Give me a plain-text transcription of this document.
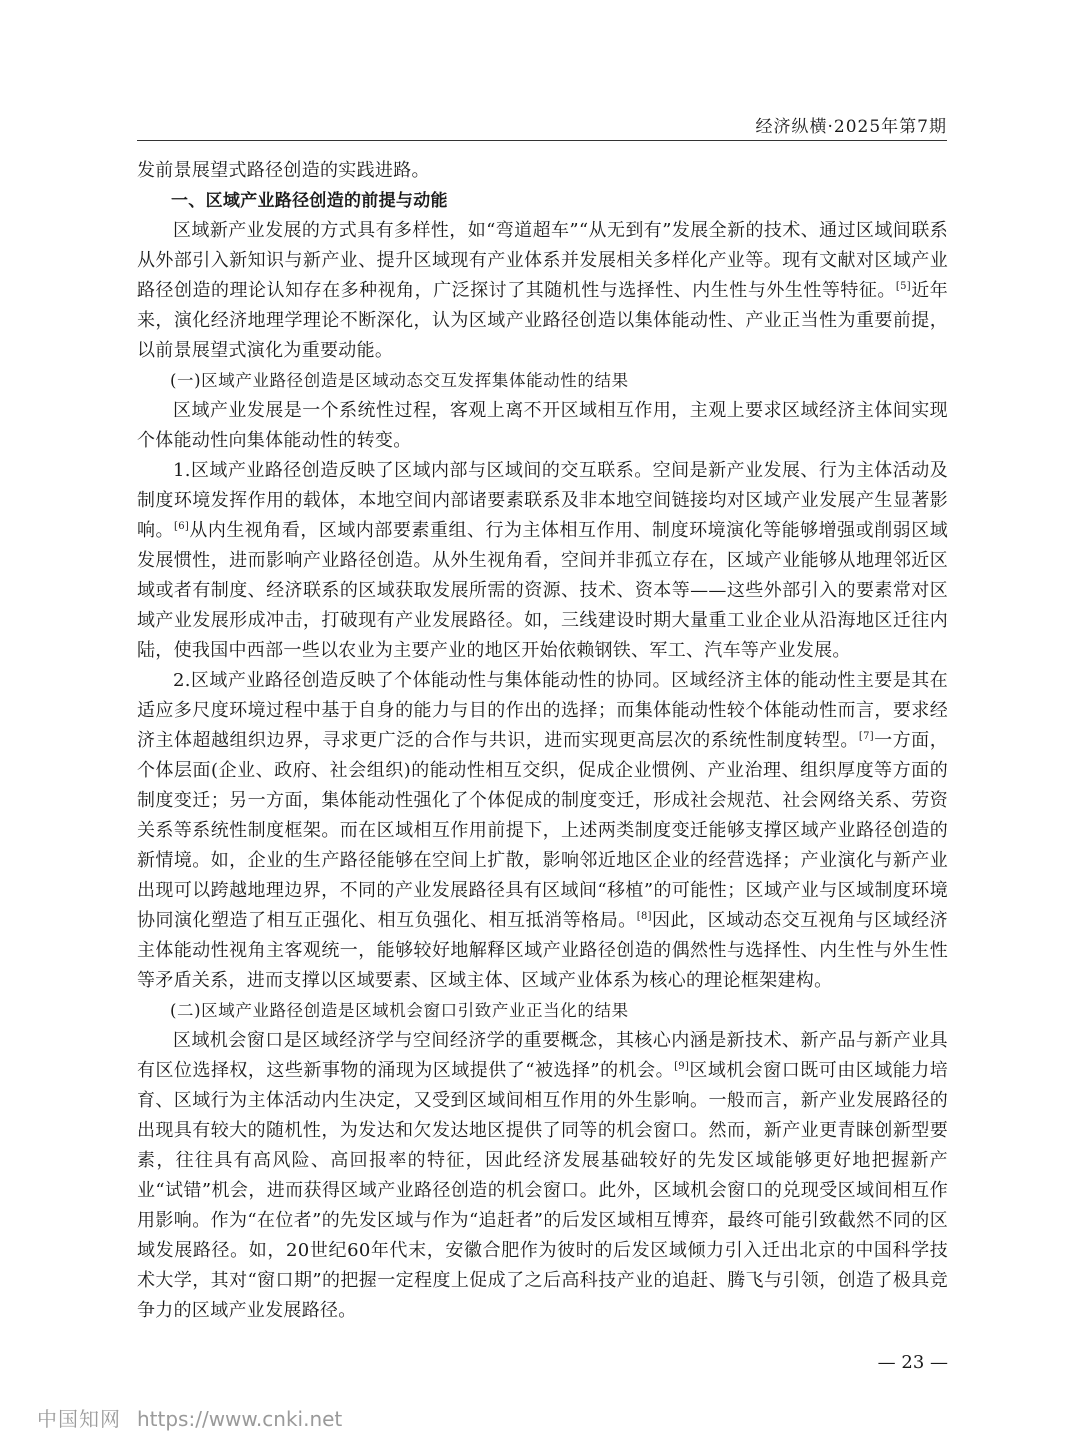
经济纵横·2025年第7期

发前景展望式路径创造的实践进路。

一、区域产业路径创造的前提与动能

区域新产业发展的方式具有多样性，如“弯道超车”“从无到有”发展全新的技术、通过区域间联系从外部引入新知识与新产业、提升区域现有产业体系并发展相关多样化产业等。现有文献对区域产业路径创造的理论认知存在多种视角，广泛探讨了其随机性与选择性、内生性与外生性等特征。[5]近年来，演化经济地理学理论不断深化，认为区域产业路径创造以集体能动性、产业正当性为重要前提，以前景展望式演化为重要动能。

(一)区域产业路径创造是区域动态交互发挥集体能动性的结果

区域产业发展是一个系统性过程，客观上离不开区域相互作用，主观上要求区域经济主体间实现个体能动性向集体能动性的转变。

1.区域产业路径创造反映了区域内部与区域间的交互联系。空间是新产业发展、行为主体活动及制度环境发挥作用的载体，本地空间内部诸要素联系及非本地空间链接均对区域产业发展产生显著影响。[6]从内生视角看，区域内部要素重组、行为主体相互作用、制度环境演化等能够增强或削弱区域发展惯性，进而影响产业路径创造。从外生视角看，空间并非孤立存在，区域产业能够从地理邻近区域或者有制度、经济联系的区域获取发展所需的资源、技术、资本等——这些外部引入的要素常对区域产业发展形成冲击，打破现有产业发展路径。如，三线建设时期大量重工业企业从沿海地区迁往内陆，使我国中西部一些以农业为主要产业的地区开始依赖钢铁、军工、汽车等产业发展。

2.区域产业路径创造反映了个体能动性与集体能动性的协同。区域经济主体的能动性主要是其在适应多尺度环境过程中基于自身的能力与目的作出的选择；而集体能动性较个体能动性而言，要求经济主体超越组织边界，寻求更广泛的合作与共识，进而实现更高层次的系统性制度转型。[7]一方面，个体层面(企业、政府、社会组织)的能动性相互交织，促成企业惯例、产业治理、组织厚度等方面的制度变迁；另一方面，集体能动性强化了个体促成的制度变迁，形成社会规范、社会网络关系、劳资关系等系统性制度框架。而在区域相互作用前提下，上述两类制度变迁能够支撑区域产业路径创造的新情境。如，企业的生产路径能够在空间上扩散，影响邻近地区企业的经营选择；产业演化与新产业出现可以跨越地理边界，不同的产业发展路径具有区域间“移植”的可能性；区域产业与区域制度环境协同演化塑造了相互正强化、相互负强化、相互抵消等格局。[8]因此，区域动态交互视角与区域经济主体能动性视角主客观统一，能够较好地解释区域产业路径创造的偶然性与选择性、内生性与外生性等矛盾关系，进而支撑以区域要素、区域主体、区域产业体系为核心的理论框架建构。

(二)区域产业路径创造是区域机会窗口引致产业正当化的结果

区域机会窗口是区域经济学与空间经济学的重要概念，其核心内涵是新技术、新产品与新产业具有区位选择权，这些新事物的涌现为区域提供了“被选择”的机会。[9]区域机会窗口既可由区域能力培育、区域行为主体活动内生决定，又受到区域间相互作用的外生影响。一般而言，新产业发展路径的出现具有较大的随机性，为发达和欠发达地区提供了同等的机会窗口。然而，新产业更青睐创新型要素，往往具有高风险、高回报率的特征，因此经济发展基础较好的先发区域能够更好地把握新产业“试错”机会，进而获得区域产业路径创造的机会窗口。此外，区域机会窗口的兑现受区域间相互作用影响。作为“在位者”的先发区域与作为“追赶者”的后发区域相互博弈，最终可能引致截然不同的区域发展路径。如，20世纪60年代末，安徽合肥作为彼时的后发区域倾力引入迁出北京的中国科学技术大学，其对“窗口期”的把握一定程度上促成了之后高科技产业的追赶、腾飞与引领，创造了极具竞争力的区域产业发展路径。

— 23 —
中国知网 https://www.cnki.net
